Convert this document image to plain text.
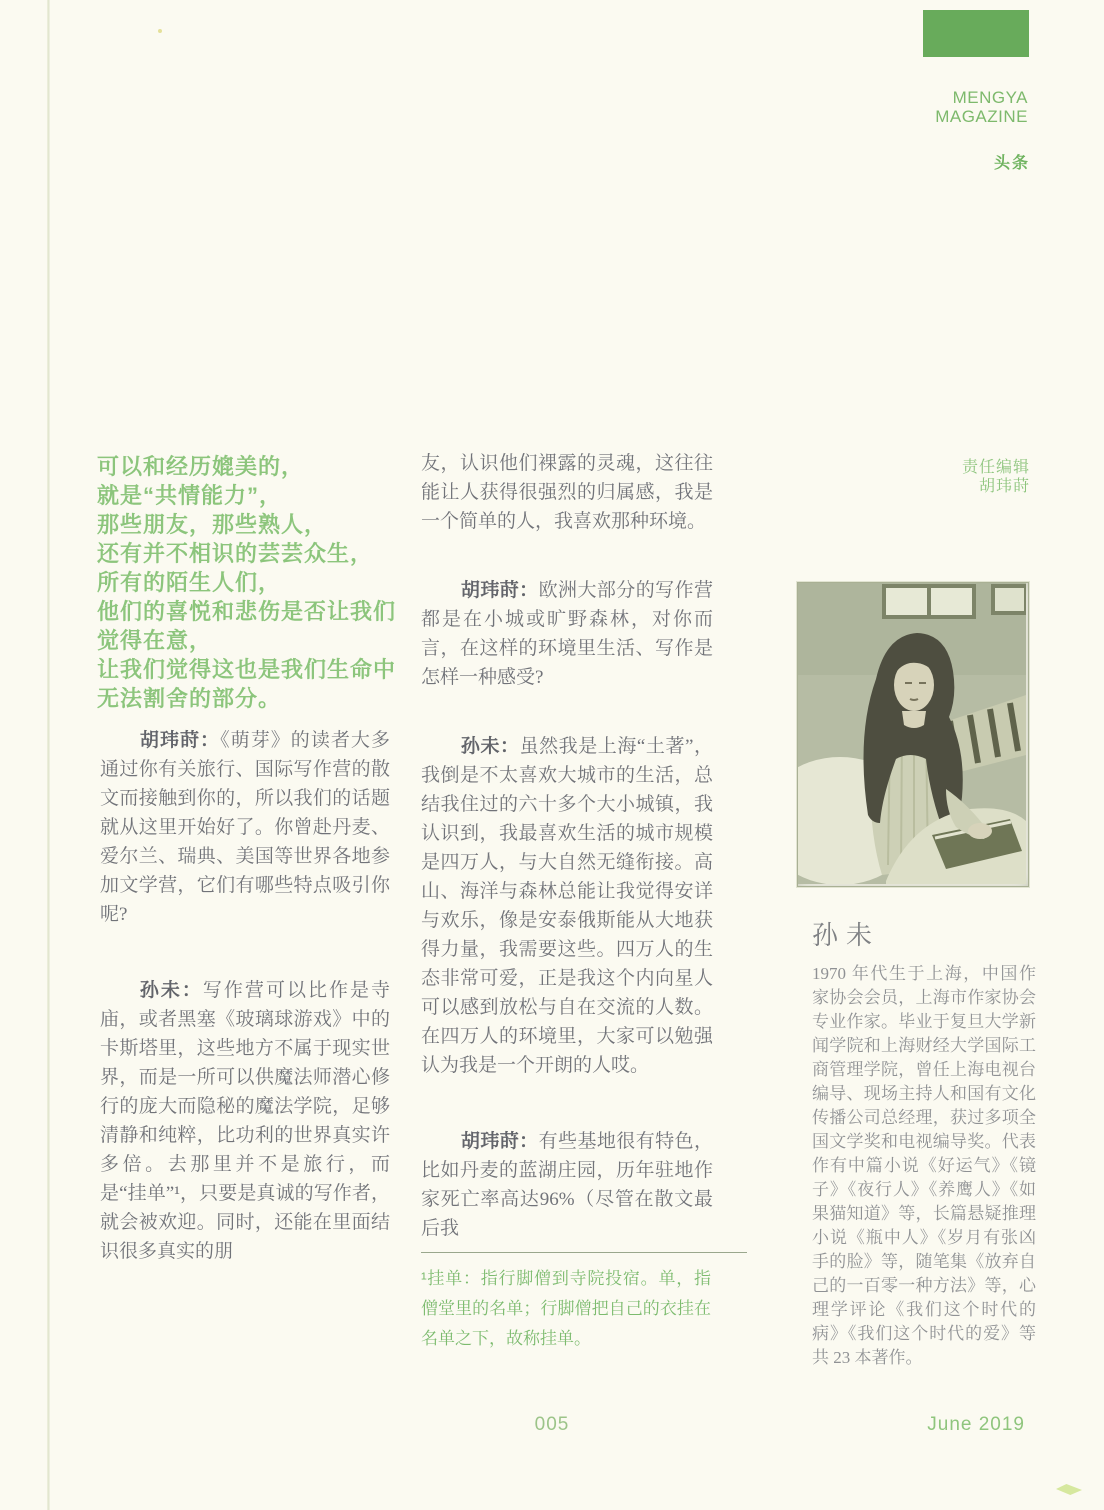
MENGYA
MAGAZINE
头条
可以和经历媲美的，
就是“共情能力”，
那些朋友，那些熟人，
还有并不相识的芸芸众生，
所有的陌生人们，
他们的喜悦和悲伤是否让我们
觉得在意，
让我们觉得这也是我们生命中
无法割舍的部分。
责任编辑
胡玮莳

胡玮莳：《萌芽》的读者大多通过你有关旅行、国际写作营的散文而接触到你的，所以我们的话题就从这里开始好了。你曾赴丹麦、爱尔兰、瑞典、美国等世界各地参加文学营，它们有哪些特点吸引你呢?

孙未：写作营可以比作是寺庙，或者黑塞《玻璃球游戏》中的卡斯塔里，这些地方不属于现实世界，而是一所可以供魔法师潜心修行的庞大而隐秘的魔法学院，足够清静和纯粹，比功利的世界真实许多倍。去那里并不是旅行，而是“挂单”¹，只要是真诚的写作者，就会被欢迎。同时，还能在里面结识很多真实的朋

友，认识他们裸露的灵魂，这往往能让人获得很强烈的归属感，我是一个简单的人，我喜欢那种环境。

胡玮莳：欧洲大部分的写作营都是在小城或旷野森林，对你而言，在这样的环境里生活、写作是怎样一种感受?

孙未：虽然我是上海“土著”，我倒是不太喜欢大城市的生活，总结我住过的六十多个大小城镇，我认识到，我最喜欢生活的城市规模是四万人，与大自然无缝衔接。高山、海洋与森林总能让我觉得安详与欢乐，像是安泰俄斯能从大地获得力量，我需要这些。四万人的生态非常可爱，正是我这个内向星人可以感到放松与自在交流的人数。在四万人的环境里，大家可以勉强认为我是一个开朗的人哎。

胡玮莳：有些基地很有特色，比如丹麦的蓝湖庄园，历年驻地作家死亡率高达96%（尽管在散文最后我

¹挂单：指行脚僧到寺院投宿。单，指僧堂里的名单；行脚僧把自己的衣挂在名单之下，故称挂单。
孙未
1970 年代生于上海，中国作家协会会员，上海市作家协会专业作家。毕业于复旦大学新闻学院和上海财经大学国际工商管理学院，曾任上海电视台编导、现场主持人和国有文化传播公司总经理，获过多项全国文学奖和电视编导奖。代表作有中篇小说《好运气》《镜子》《夜行人》《养鹰人》《如果猫知道》等，长篇悬疑推理小说《瓶中人》《岁月有张凶手的脸》等，随笔集《放弃自己的一百零一种方法》等，心理学评论《我们这个时代的病》《我们这个时代的爱》等共 23 本著作。
005	June 2019
